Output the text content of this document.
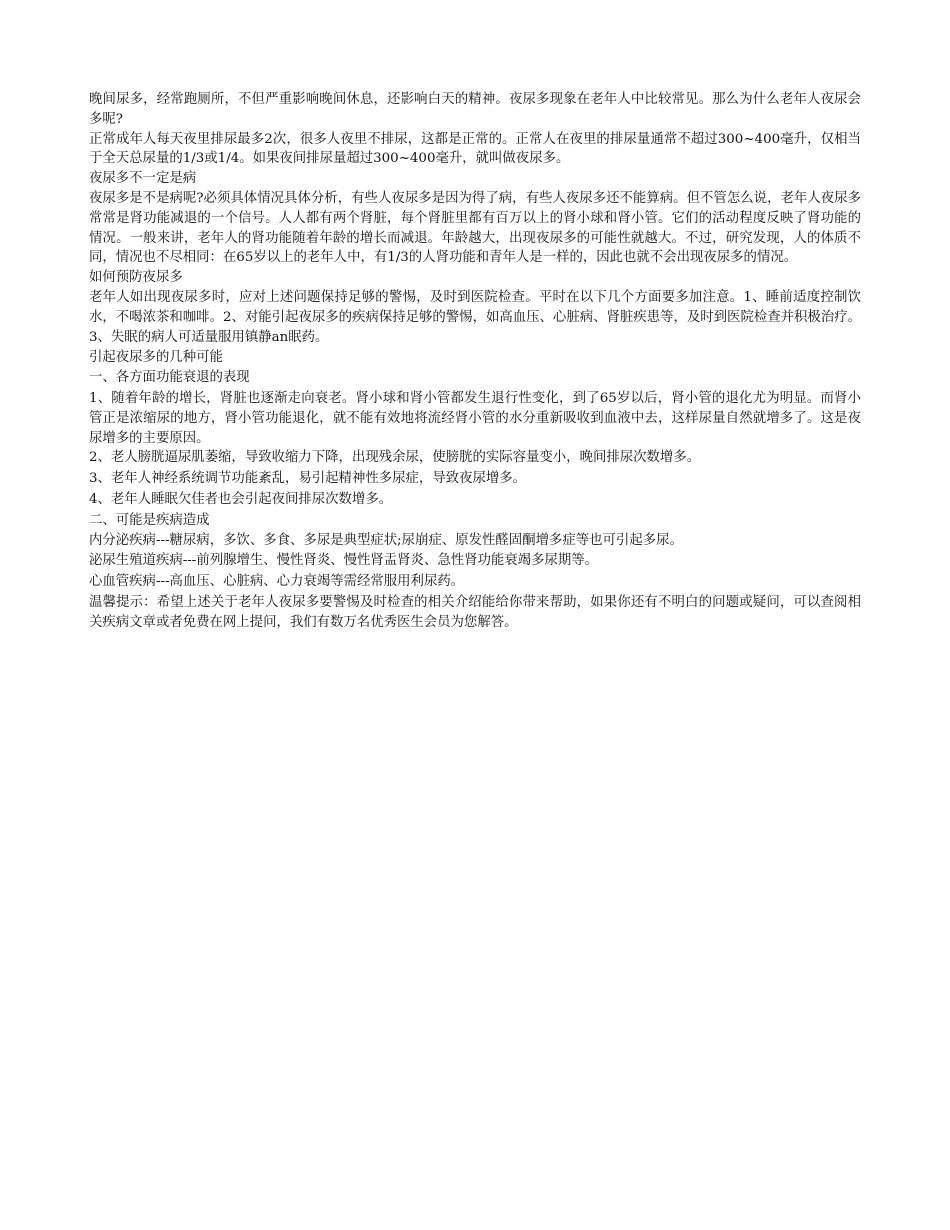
晚间尿多，经常跑厕所，不但严重影响晚间休息，还影响白天的精神。夜尿多现象在老年人中比较常见。那么为什么老年人夜尿会多呢?

正常成年人每天夜里排尿最多2次，很多人夜里不排尿，这都是正常的。正常人在夜里的排尿量通常不超过300~400毫升，仅相当于全天总尿量的1/3或1/4。如果夜间排尿量超过300~400毫升，就叫做夜尿多。

夜尿多不一定是病

夜尿多是不是病呢?必须具体情况具体分析，有些人夜尿多是因为得了病，有些人夜尿多还不能算病。但不管怎么说，老年人夜尿多常常是肾功能减退的一个信号。人人都有两个肾脏，每个肾脏里都有百万以上的肾小球和肾小管。它们的活动程度反映了肾功能的情况。一般来讲，老年人的肾功能随着年龄的增长而减退。年龄越大，出现夜尿多的可能性就越大。不过，研究发现，人的体质不同，情况也不尽相同：在65岁以上的老年人中，有1/3的人肾功能和青年人是一样的，因此也就不会出现夜尿多的情况。

如何预防夜尿多

老年人如出现夜尿多时，应对上述问题保持足够的警惕，及时到医院检查。平时在以下几个方面要多加注意。1、睡前适度控制饮水，不喝浓茶和咖啡。2、对能引起夜尿多的疾病保持足够的警惕，如高血压、心脏病、肾脏疾患等，及时到医院检查并积极治疗。3、失眠的病人可适量服用镇静an眠药。

引起夜尿多的几种可能

一、各方面功能衰退的表现

1、随着年龄的增长，肾脏也逐渐走向衰老。肾小球和肾小管都发生退行性变化，到了65岁以后，肾小管的退化尤为明显。而肾小管正是浓缩尿的地方，肾小管功能退化，就不能有效地将流经肾小管的水分重新吸收到血液中去，这样尿量自然就增多了。这是夜尿增多的主要原因。

2、老人膀胱逼尿肌萎缩，导致收缩力下降，出现残余尿，使膀胱的实际容量变小，晚间排尿次数增多。

3、老年人神经系统调节功能紊乱，易引起精神性多尿症，导致夜尿增多。

4、老年人睡眠欠佳者也会引起夜间排尿次数增多。

二、可能是疾病造成

内分泌疾病---糖尿病，多饮、多食、多尿是典型症状;尿崩症、原发性醛固酮增多症等也可引起多尿。

泌尿生殖道疾病---前列腺增生、慢性肾炎、慢性肾盂肾炎、急性肾功能衰竭多尿期等。

心血管疾病---高血压、心脏病、心力衰竭等需经常服用利尿药。

温馨提示：希望上述关于老年人夜尿多要警惕及时检查的相关介绍能给你带来帮助，如果你还有不明白的问题或疑问，可以查阅相关疾病文章或者免费在网上提问，我们有数万名优秀医生会员为您解答。
